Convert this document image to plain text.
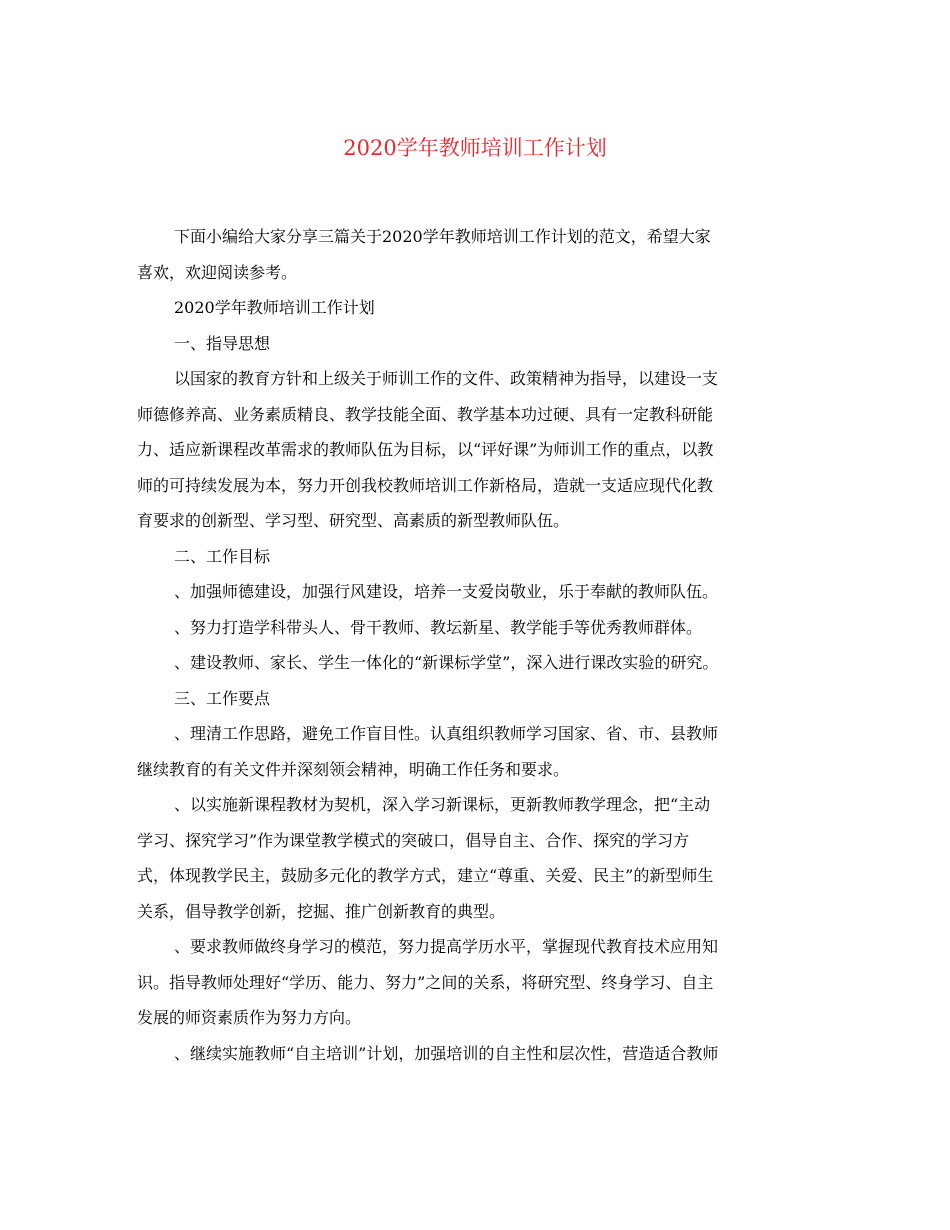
2020学年教师培训工作计划
下面小编给大家分享三篇关于2020学年教师培训工作计划的范文，希望大家
喜欢，欢迎阅读参考。
2020学年教师培训工作计划
一、指导思想
以国家的教育方针和上级关于师训工作的文件、政策精神为指导，以建设一支
师德修养高、业务素质精良、教学技能全面、教学基本功过硬、具有一定教科研能
力、适应新课程改革需求的教师队伍为目标，以“评好课”为师训工作的重点，以教
师的可持续发展为本，努力开创我校教师培训工作新格局，造就一支适应现代化教
育要求的创新型、学习型、研究型、高素质的新型教师队伍。
二、工作目标
、加强师德建设，加强行风建设，培养一支爱岗敬业，乐于奉献的教师队伍。
、努力打造学科带头人、骨干教师、教坛新星、教学能手等优秀教师群体。
、建设教师、家长、学生一体化的“新课标学堂”，深入进行课改实验的研究。
三、工作要点
、理清工作思路，避免工作盲目性。认真组织教师学习国家、省、市、县教师
继续教育的有关文件并深刻领会精神，明确工作任务和要求。
、以实施新课程教材为契机，深入学习新课标，更新教师教学理念，把“主动
学习、探究学习”作为课堂教学模式的突破口，倡导自主、合作、探究的学习方
式，体现教学民主，鼓励多元化的教学方式，建立“尊重、关爱、民主”的新型师生
关系，倡导教学创新，挖掘、推广创新教育的典型。
、要求教师做终身学习的模范，努力提高学历水平，掌握现代教育技术应用知
识。指导教师处理好“学历、能力、努力”之间的关系，将研究型、终身学习、自主
发展的师资素质作为努力方向。
、继续实施教师“自主培训”计划，加强培训的自主性和层次性，营造适合教师
